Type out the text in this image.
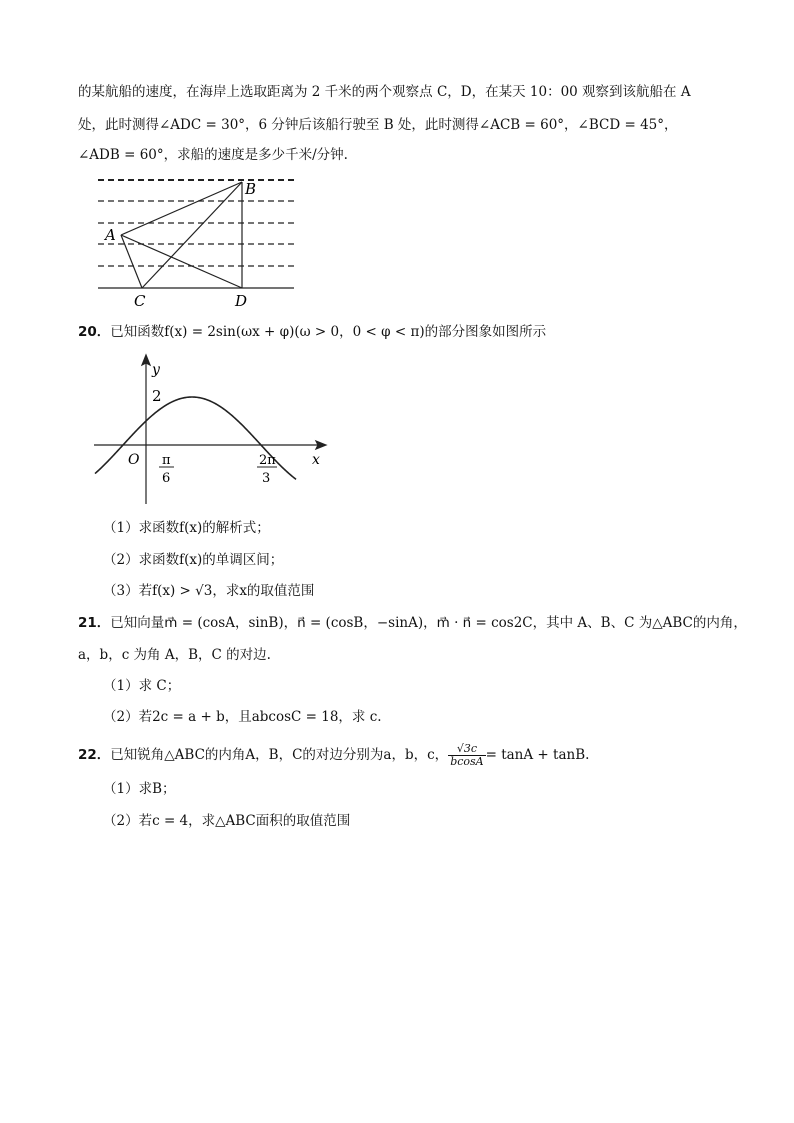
的某航船的速度，在海岸上选取距离为 2 千米的两个观察点 C，D，在某天 10：00 观察到该航船在 A
处，此时测得∠ADC = 30°，6 分钟后该船行驶至 B 处，此时测得∠ACB = 60°，∠BCD = 45°，
∠ADB = 60°，求船的速度是多少千米/分钟.
A
B
C	D
20．已知函数f(x) = 2sin(ωx + φ)(ω > 0，0 < φ < π)的部分图象如图所示
y
x
O
2
π
6
2π
3
（1）求函数f(x)的解析式；
（2）求函数f(x)的单调区间；
（3）若f(x) > √3，求x的取值范围
21．已知向量m⃗ = (cosA，sinB)，n⃗ = (cosB，−sinA)，m⃗ · n⃗ = cos2C，其中 A、B、C 为△ABC的内角，
a，b，c 为角 A，B，C 的对边.
（1）求 C；
（2）若2c = a + b，且abcosC = 18，求 c.
22．已知锐角△ABC的内角A，B，C的对边分别为a，b，c， $\frac{√3c}{bcosA} = \tan A + \tan B$.
（1）求B；
（2）若c = 4，求△ABC面积的取值范围
